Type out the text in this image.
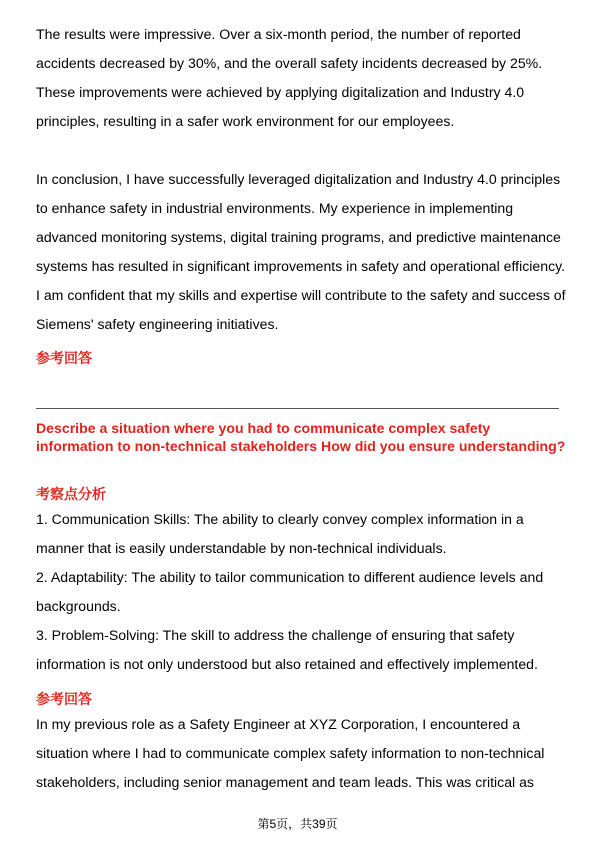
The results were impressive. Over a six-month period, the number of reported accidents decreased by 30%, and the overall safety incidents decreased by 25%. These improvements were achieved by applying digitalization and Industry 4.0 principles, resulting in a safer work environment for our employees.

In conclusion, I have successfully leveraged digitalization and Industry 4.0 principles to enhance safety in industrial environments. My experience in implementing advanced monitoring systems, digital training programs, and predictive maintenance systems has resulted in significant improvements in safety and operational efficiency. I am confident that my skills and expertise will contribute to the safety and success of Siemens' safety engineering initiatives.

参考回答

Describe a situation where you had to communicate complex safety information to non-technical stakeholders How did you ensure understanding?

考察点分析

1. Communication Skills: The ability to clearly convey complex information in a manner that is easily understandable by non-technical individuals.

2. Adaptability: The ability to tailor communication to different audience levels and backgrounds.

3. Problem-Solving: The skill to address the challenge of ensuring that safety information is not only understood but also retained and effectively implemented.

参考回答

In my previous role as a Safety Engineer at XYZ Corporation, I encountered a situation where I had to communicate complex safety information to non-technical stakeholders, including senior management and team leads. This was critical as

第5页，共39页
